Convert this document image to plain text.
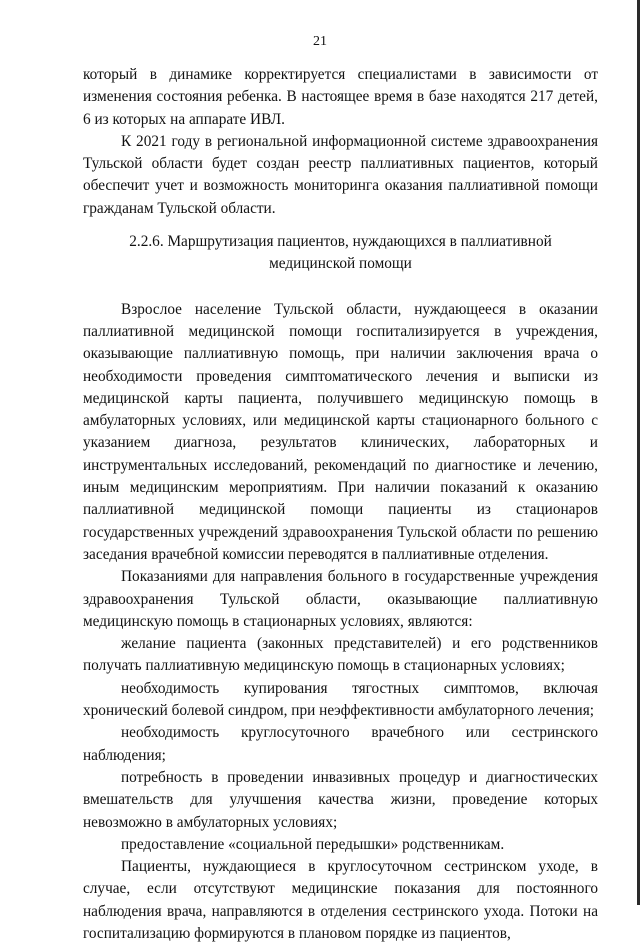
21

который в динамике корректируется специалистами в зависимости от изменения состояния ребенка. В настоящее время в базе находятся 217 детей, 6 из которых на аппарате ИВЛ.

К 2021 году в региональной информационной системе здравоохранения Тульской области будет создан реестр паллиативных пациентов, который обеспечит учет и возможность мониторинга оказания паллиативной помощи гражданам Тульской области.

2.2.6. Маршрутизация пациентов, нуждающихся в паллиативной
медицинской помощи

Взрослое население Тульской области, нуждающееся в оказании паллиативной медицинской помощи госпитализируется в учреждения, оказывающие паллиативную помощь, при наличии заключения врача о необходимости проведения симптоматического лечения и выписки из медицинской карты пациента, получившего медицинскую помощь в амбулаторных условиях, или медицинской карты стационарного больного с указанием диагноза, результатов клинических, лабораторных и инструментальных исследований, рекомендаций по диагностике и лечению, иным медицинским мероприятиям. При наличии показаний к оказанию паллиативной медицинской помощи пациенты из стационаров государственных учреждений здравоохранения Тульской области по решению заседания врачебной комиссии переводятся в паллиативные отделения.

Показаниями для направления больного в государственные учреждения здравоохранения Тульской области, оказывающие паллиативную медицинскую помощь в стационарных условиях, являются:

желание пациента (законных представителей) и его родственников получать паллиативную медицинскую помощь в стационарных условиях;

необходимость купирования тягостных симптомов, включая хронический болевой синдром, при неэффективности амбулаторного лечения;

необходимость круглосуточного врачебного или сестринского наблюдения;

потребность в проведении инвазивных процедур и диагностических вмешательств для улучшения качества жизни, проведение которых невозможно в амбулаторных условиях;

предоставление «социальной передышки» родственникам.

Пациенты, нуждающиеся в круглосуточном сестринском уходе, в случае, если отсутствуют медицинские показания для постоянного наблюдения врача, направляются в отделения сестринского ухода. Потоки на госпитализацию формируются в плановом порядке из пациентов,
